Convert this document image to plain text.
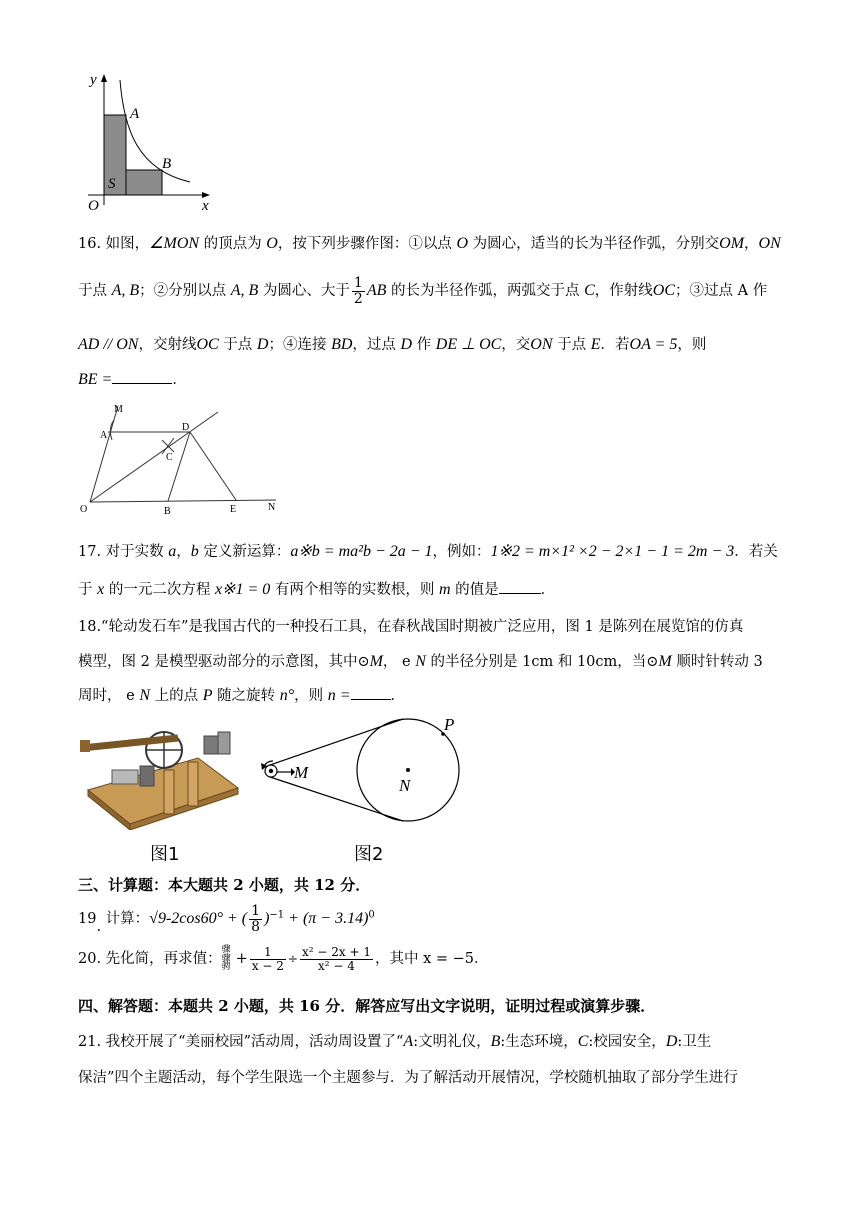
y
x
O
A
B
S
16. 如图，∠MON 的顶点为 O，按下列步骤作图：①以点 O 为圆心，适当的长为半径作弧，分别交OM，ON
于点 A, B；②分别以点 A, B 为圆心、大于 $\frac{1}{2}$ AB 的长为半径作弧，两弧交于点 C，作射线OC；③过点 A 作
AD // ON，交射线OC 于点 D；④连接 BD，过点 D 作 DE ⊥ OC，交ON 于点 E．若OA = 5，则
BE =	．
M
A
D
C
O	B	E	N
17. 对于实数 a，b 定义新运算：a※b = ma²b − 2a − 1，例如：1※2 = m×1² ×2 − 2×1 − 1 = 2m − 3．若关
于 x 的一元二次方程 x※1 = 0 有两个相等的实数根，则 m 的值是	．
18.“轮动发石车”是我国古代的一种投石工具，在春秋战国时期被广泛应用，图 1 是陈列在展览馆的仿真
模型，图 2 是模型驱动部分的示意图，其中⊙M， e N 的半径分别是 1cm 和 10cm，当⊙M 顺时针转动 3
周时， e N 上的点 P 随之旋转 n°，则 n =	．
M
N
P
图1	图2
三、计算题：本大题共 2 小题，共 12 分．
19. 计算：√9-2cos60° + ( $\frac{1}{8} )^{-1} + (\pi - 3.14)^0$
20. 先化简，再求值：骤
骤
骋+ $\frac{1}{x - 2} \div \frac{\text{x² − 2x + 1}}{\text{x² − 4}}$ ，其中 x = −5．
四、解答题：本题共 2 小题，共 16 分．解答应写出文字说明，证明过程或演算步骤．
21. 我校开展了“美丽校园”活动周，活动周设置了“A:文明礼仪，B:生态环境，C:校园安全，D:卫生
保洁”四个主题活动，每个学生限选一个主题参与．为了解活动开展情况，学校随机抽取了部分学生进行
